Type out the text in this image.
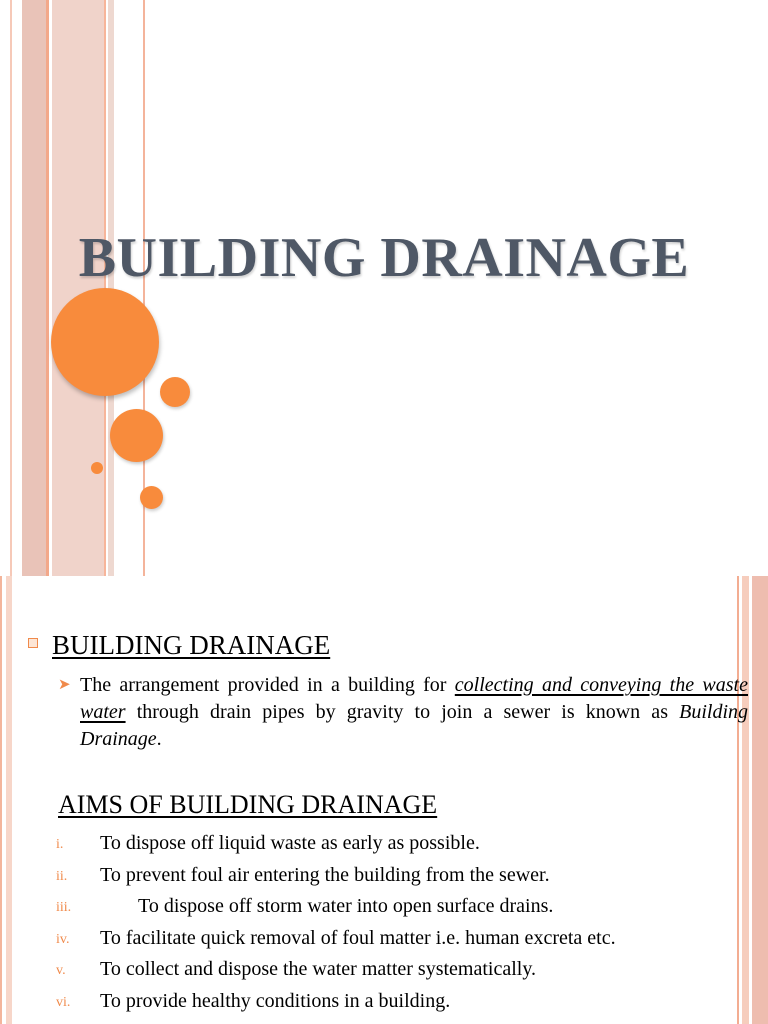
BUILDING DRAINAGE
BUILDING DRAINAGE
➤ The arrangement provided in a building for collecting and conveying the waste water through drain pipes by gravity to join a sewer is known as Building Drainage.

AIMS OF BUILDING DRAINAGE
i. To dispose off liquid waste as early as possible.
ii. To prevent foul air entering the building from the sewer.
iii.	To dispose off storm water into open surface drains.
iv. To facilitate quick removal of foul matter i.e. human excreta etc.
v. To collect and dispose the water matter systematically.
vi. To provide healthy conditions in a building.
